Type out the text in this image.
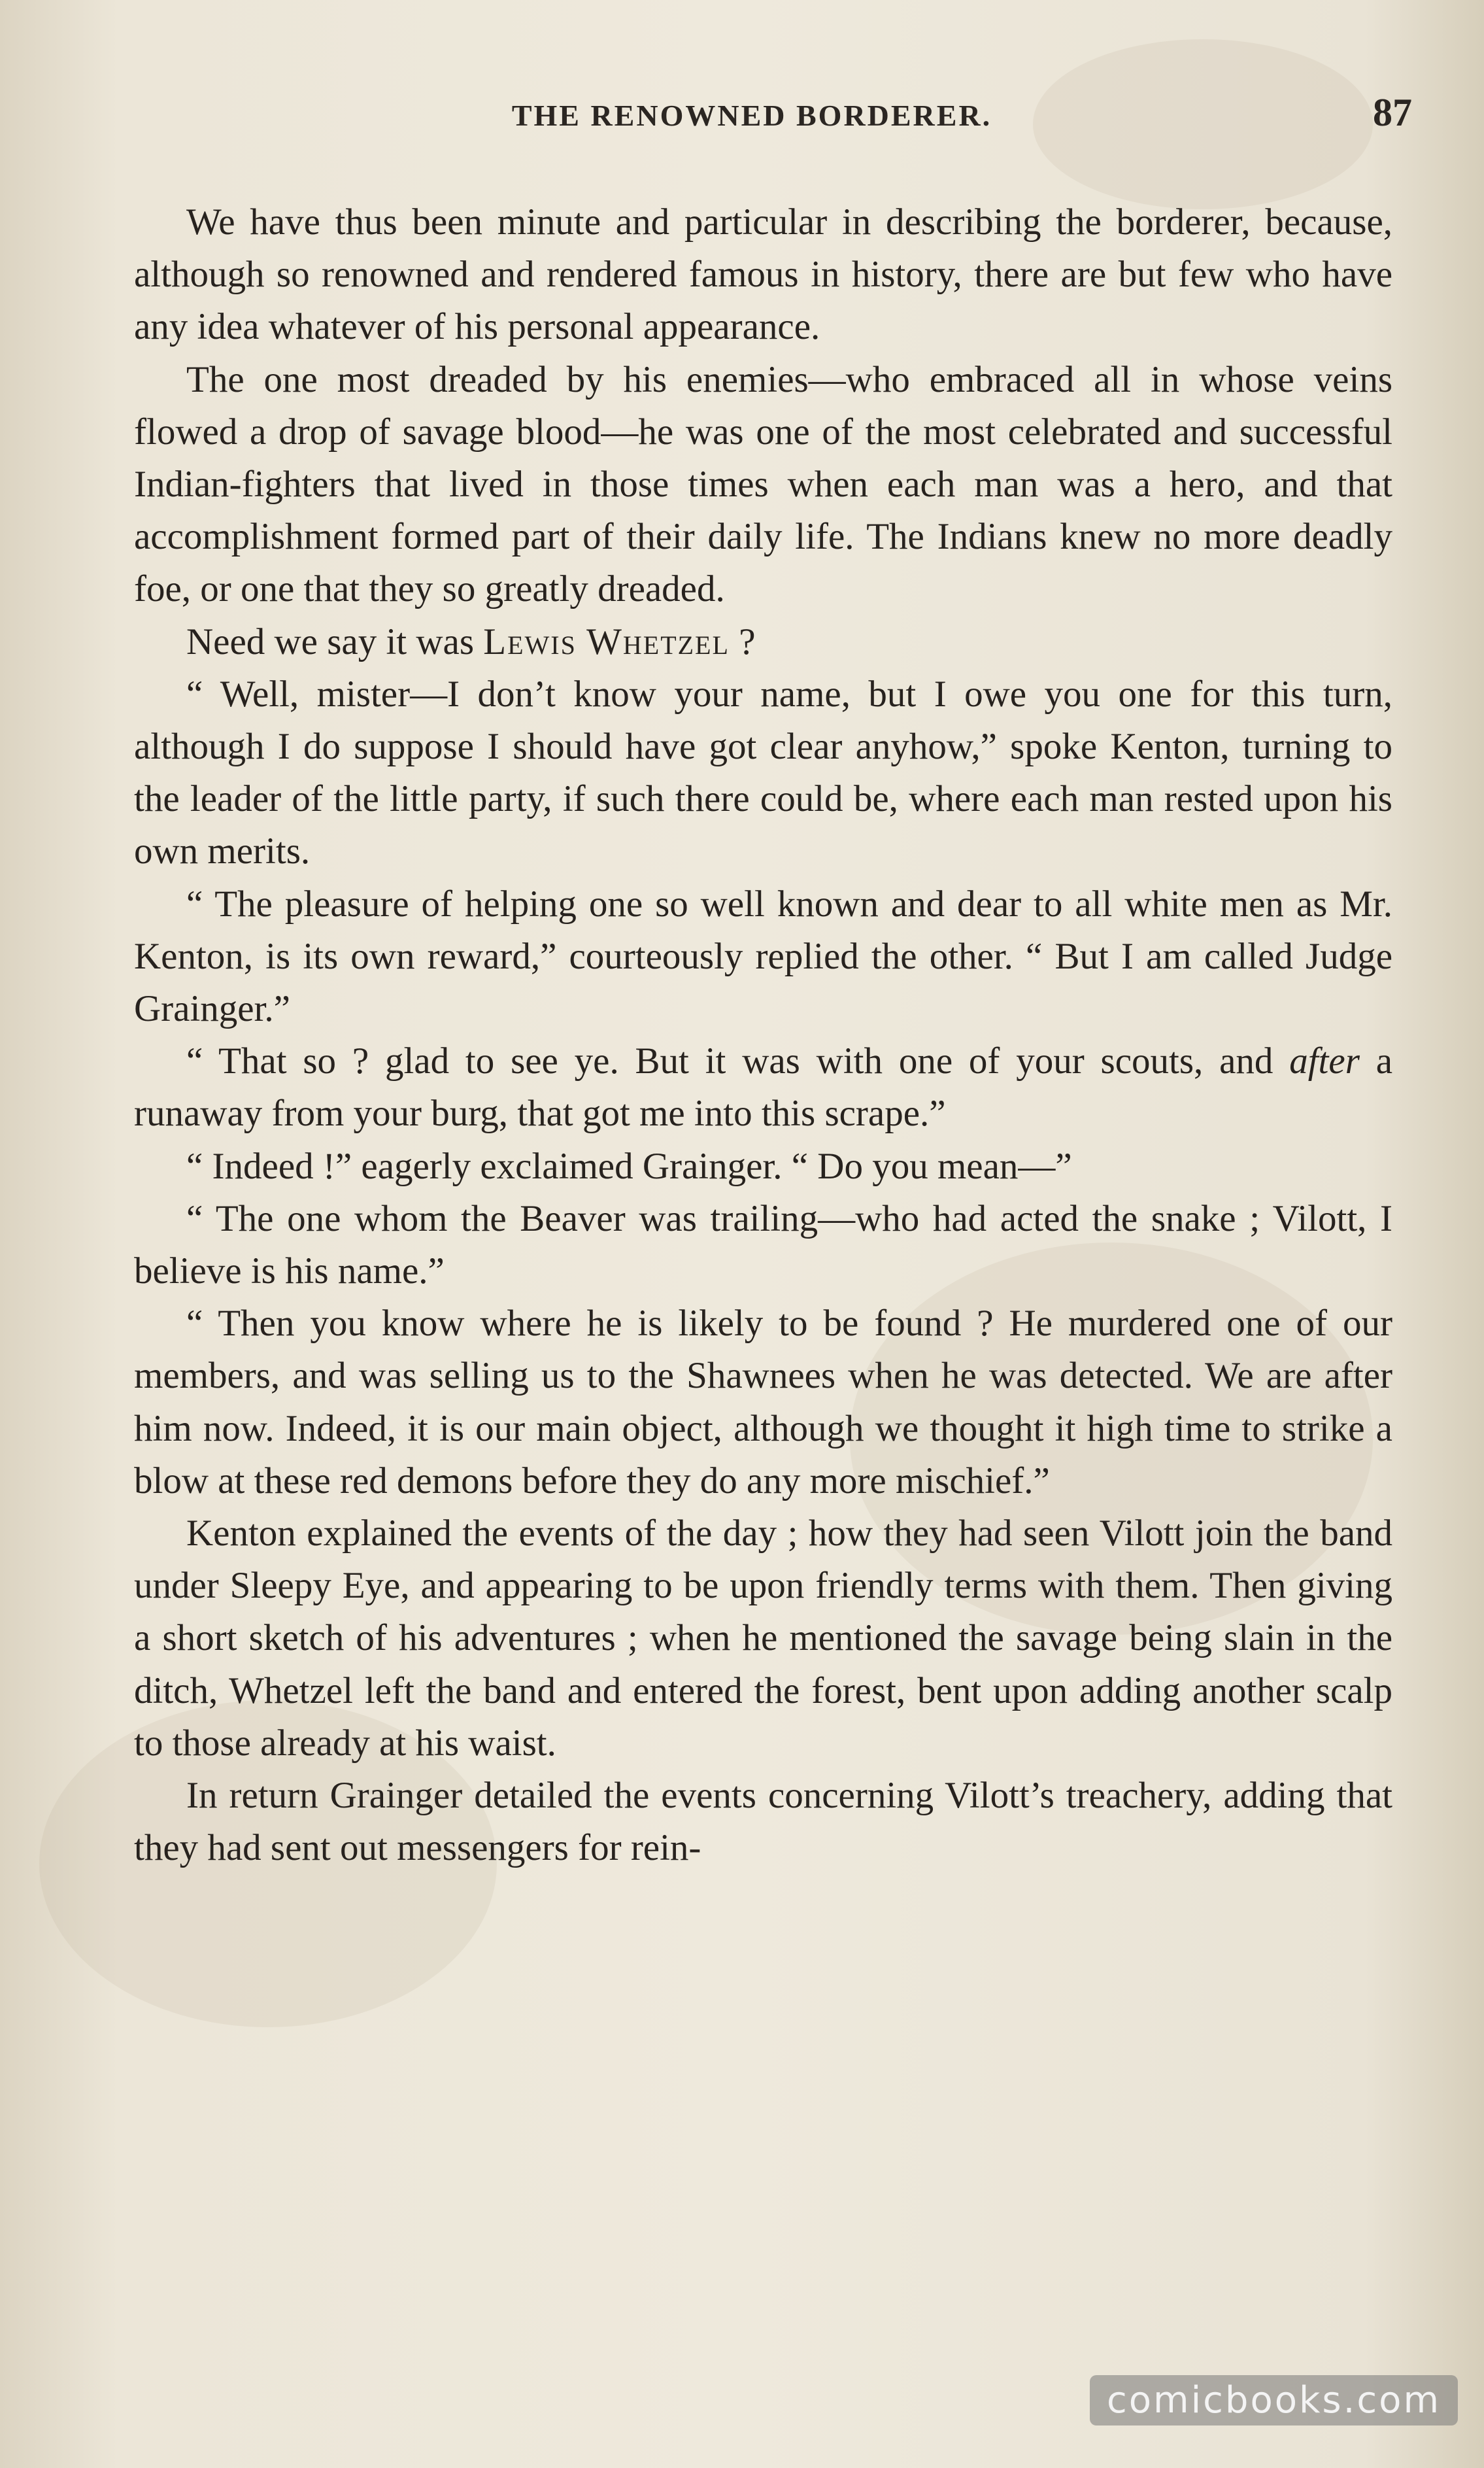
THE RENOWNED BORDERER.	87

We have thus been minute and particular in describing the borderer, because, although so renowned and rendered famous in history, there are but few who have any idea whatever of his personal appearance.

The one most dreaded by his enemies—who embraced all in whose veins flowed a drop of savage blood—he was one of the most celebrated and successful Indian-fighters that lived in those times when each man was a hero, and that accomplishment formed part of their daily life. The Indians knew no more deadly foe, or one that they so greatly dreaded.

Need we say it was Lewis Whetzel ?

“ Well, mister—I don’t know your name, but I owe you one for this turn, although I do suppose I should have got clear anyhow,” spoke Kenton, turning to the leader of the little party, if such there could be, where each man rested upon his own merits.

“ The pleasure of helping one so well known and dear to all white men as Mr. Kenton, is its own reward,” courteously replied the other. “ But I am called Judge Grainger.”

“ That so ? glad to see ye. But it was with one of your scouts, and after a runaway from your burg, that got me into this scrape.”

“ Indeed !” eagerly exclaimed Grainger. “ Do you mean—”

“ The one whom the Beaver was trailing—who had acted the snake ; Vilott, I believe is his name.”

“ Then you know where he is likely to be found ? He murdered one of our members, and was selling us to the Shawnees when he was detected. We are after him now. Indeed, it is our main object, although we thought it high time to strike a blow at these red demons before they do any more mischief.”

Kenton explained the events of the day ; how they had seen Vilott join the band under Sleepy Eye, and appearing to be upon friendly terms with them. Then giving a short sketch of his adventures ; when he mentioned the savage being slain in the ditch, Whetzel left the band and entered the forest, bent upon adding another scalp to those already at his waist.

In return Grainger detailed the events concerning Vilott’s treachery, adding that they had sent out messengers for rein-

comicbooks.com
